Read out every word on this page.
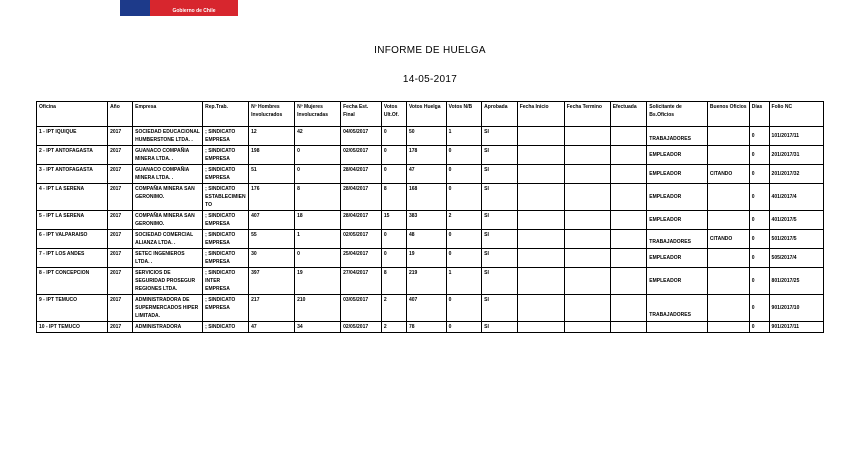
Gobierno de Chile
INFORME DE HUELGA
14-05-2017
Oficina	Año	Empresa	Rep.Trab.	Nº Hombres Involucrados	Nº Mujeres Involucradas	Fecha Est. Final	Votos Ult.Of.	Votos Huelga	Votos N/B	Aprobada	Fecha Inicio	Fecha Termino	Efectuada	Solicitante de Bs.Oficios	Buenos Oficios	Días	Folio NC
1 - IPT IQUIQUE	2017	SOCIEDAD EDUCACIONAL HUMBERSTONE LTDA. .	; SINDICATO EMPRESA	12	42	04/05/2017	0	50	1	SI				TRABAJADORES		0	101/2017/11
2 - IPT ANTOFAGASTA	2017	GUANACO COMPAÑIA MINERA LTDA. .	; SINDICATO EMPRESA	198	0	02/05/2017	0	178	0	SI				EMPLEADOR		0	201/2017/31
3 - IPT ANTOFAGASTA	2017	GUANACO COMPAÑIA MINERA LTDA. .	; SINDICATO EMPRESA	51	0	28/04/2017	0	47	0	SI				EMPLEADOR	CITANDO	0	201/2017/32
4 - IPT LA SERENA	2017	COMPAÑIA MINERA SAN GERONIMO.	; SINDICATO ESTABLECIMIENTO	176	8	28/04/2017	8	168	0	SI				EMPLEADOR		0	401/2017/4
5 - IPT LA SERENA	2017	COMPAÑIA MINERA SAN GERONIMO.	; SINDICATO EMPRESA	407	18	28/04/2017	15	383	2	SI				EMPLEADOR		0	401/2017/5
6 - IPT VALPARAISO	2017	SOCIEDAD COMERCIAL ALIANZA LTDA. .	; SINDICATO EMPRESA	55	1	02/05/2017	0	48	0	SI				TRABAJADORES	CITANDO	0	501/2017/5
7 - IPT LOS ANDES	2017	SETEC INGENIEROS LTDA. .	; SINDICATO EMPRESA	30	0	25/04/2017	0	19	0	SI				EMPLEADOR		0	505/2017/4
8 - IPT CONCEPCION	2017	SERVICIOS DE SEGURIDAD PROSEGUR REGIONES LTDA.	; SINDICATO INTER EMPRESA	397	19	27/04/2017	8	219	1	SI				EMPLEADOR		0	801/2017/25
9 - IPT TEMUCO	2017	ADMINISTRADORA DE SUPERMERCADOS HIPER LIMITADA.	; SINDICATO EMPRESA	217	210	03/05/2017	2	407	0	SI				TRABAJADORES		0	901/2017/10
10 - IPT TEMUCO	2017	ADMINISTRADORA	; SINDICATO	47	34	02/05/2017	2	78	0	SI						0	901/2017/11
